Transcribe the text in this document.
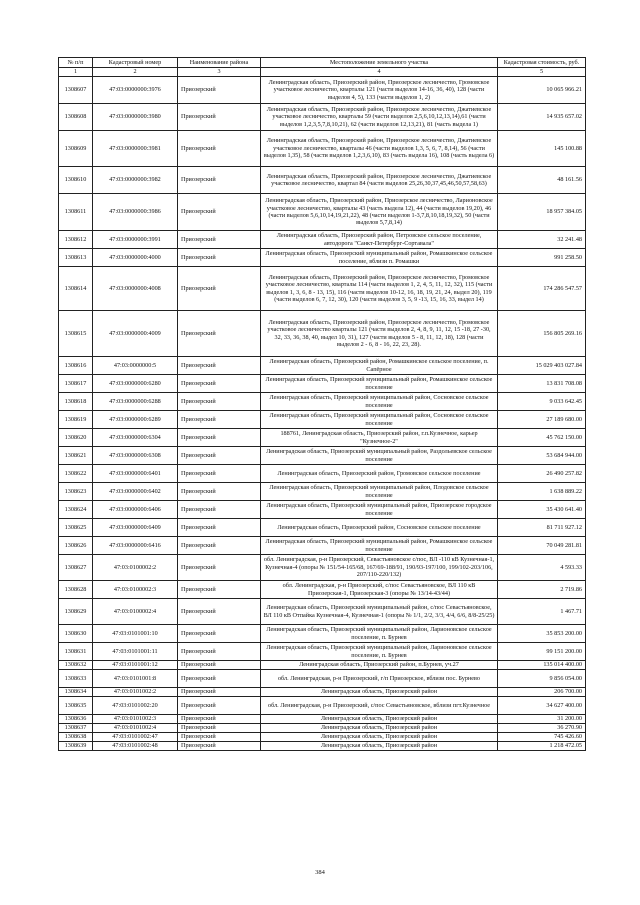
№ п/п	Кадастровый номер	Наименование района	Местоположение земельного участка	Кадастровая стоимость, руб.
1	2	3	4	5
1308607	47:03:0000000:3976	Приозерский	Ленинградская область, Приозерский район, Приозерское лесничество, Громовское участковое лесничество, кварталы 121 (части выделов 14-16, 36, 40), 128 (части выделов 4, 5), 133 (части выделов 1, 2)	10 065 966.21
1308608	47:03:0000000:3980	Приозерский	Ленинградская область, Приозерский район, Приозерское лесничество, Джатиевское участковое лесничество, кварталы 59 (части выделов 2,5,6,10,12,13,14),61 (части выделов 1,2,3,5,7,8,10,21), 62 (части выделов 12,13,21), 81 (часть выдела 1)	14 935 657.02
1308609	47:03:0000000:3981	Приозерский	Ленинградская область, Приозерский район, Приозерское лесничество, Джатиевское участковое лесничество, кварталы 46 (части выделов 1,3, 5, 6, 7, 8,14), 56 (части выделов 1,35), 58 (части выделов 1,2,3,6,10), 83 (часть выдела 16), 108 (часть выдела 6)	145 100.88
1308610	47:03:0000000:3982	Приозерский	Ленинградская область, Приозерский район, Приозерское лесничество, Джатиевское участковое лесничество, квартал 84 (части выделов 25,26,30,37,45,46,50,57,58,63)	48 161.56
1308611	47:03:0000000:3986	Приозерский	Ленинградская область, Приозерский район, Приозерское лесничество, Ларионовское участковое лесничество, кварталы 43 (часть выдела 12), 44 (части выделов 19,20), 46 (части выделов 5,6,10,14,19,21,22), 48 (части выделов 1-3,7,8,10,18,19,32), 50 (части выделов 5,7,8,14)	18 957 384.05
1308612	47:03:0000000:3991	Приозерский	Ленинградская область, Приозерский район, Петровское сельское поселение, автодорога "Санкт-Петербург-Сортавала"	32 241.48
1308613	47:03:0000000:4000	Приозерский	Ленинградская область, Приозерский муниципальный район, Ромашкинское сельское поселение, вблизи п. Ромашки	991 258.50
1308614	47:03:0000000:4008	Приозерский	Ленинградская область, Приозерский район, Приозерское лесничество, Громовское участковое лесничество, кварталы 114 (части выделов 1, 2, 4, 5, 11, 12, 32), 115 (части выделов 1, 3, 6, 8 - 13, 15), 116 (части выделов 10-12, 16, 18, 19, 21, 24, выдел 20), 119 (части выделов 6, 7, 12, 30), 120 (части выделов 3, 5, 9 -13, 15, 16, 33, выдел 14)	174 286 547.57
1308615	47:03:0000000:4009	Приозерский	Ленинградская область, Приозерский район, Приозерское лесничество, Громовское участковое лесничество кварталы 121 (части выделов 2, 4, 8, 9, 11, 12, 15 -18, 27 -30, 32, 33, 36, 38, 40, выдел 10, 31), 127 (части выделов 5 - 8, 11, 12, 18), 128 (части выделов 2 - 6, 8 - 16, 22, 23, 28).	156 805 269.16
1308616	47:03:0000000:5	Приозерский	Ленинградская область, Приозерский район, Ромашкинское сельское поселение, п. Сапёрное	15 029 403 027.84
1308617	47:03:0000000:6280	Приозерский	Ленинградская область, Приозерский муниципальный район, Ромашкинское сельское поселение	13 831 708.08
1308618	47:03:0000000:6288	Приозерский	Ленинградская область, Приозерский муниципальный район, Сосновское сельское поселение	9 033 642.45
1308619	47:03:0000000:6289	Приозерский	Ленинградская область, Приозерский муниципальный район, Сосновское сельское поселение	27 189 680.00
1308620	47:03:0000000:6304	Приозерский	188761, Ленинградская область, Приозерский район, г.п.Кузнечное, карьер "Кузнечное-2"	45 762 150.00
1308621	47:03:0000000:6308	Приозерский	Ленинградская область, Приозерский муниципальный район, Раздольевское сельское поселение	53 684 944.00
1308622	47:03:0000000:6401	Приозерский	Ленинградская область, Приозерский район, Громовское сельское поселение	26 490 257.82
1308623	47:03:0000000:6402	Приозерский	Ленинградская область, Приозерский муниципальный район, Плодовское сельское поселение	1 638 889.22
1308624	47:03:0000000:6406	Приозерский	Ленинградская область, Приозерский муниципальный район, Приозерское городское поселение	35 430 641.40
1308625	47:03:0000000:6409	Приозерский	Ленинградская область, Приозерский район, Сосновское сельское поселение	81 711 927.12
1308626	47:03:0000000:6416	Приозерский	Ленинградская область, Приозерский муниципальный район, Ромашкинское сельское поселение	70 049 281.81
1308627	47:03:0100002:2	Приозерский	обл. Ленинградская, р-н Приозерский, Севастьяновское с/пос, ВЛ -110 кВ Кузнечная-1, Кузнечная-4 (опоры № 151/54-165/68, 167/69-188/91, 190/93-197/100, 199/102-203/106, 207/110-220/132)	4 593.33
1308628	47:03:0100002:3	Приозерский	обл. Ленинградская, р-н Приозерский, с/пос Севастьяновское, ВЛ 110 кВ Приозерская-1, Приозерская-3 (опоры № 13/14-43/44)	2 719.86
1308629	47:03:0100002:4	Приозерский	Ленинградская область, Приозерский муниципальный район, с/пос Севастьяновское, ВЛ 110 кВ Отпайка Кузнечная-4, Кузнечная-1 (опоры № 1/1, 2/2, 3/3, 4/4, 6/6, 8/8-25/25)	1 467.71
1308630	47:03:0101001:10	Приозерский	Ленинградская область, Приозерский муниципальный район, Ларионовское сельское поселение, п. Бурнев	35 853 200.00
1308631	47:03:0101001:11	Приозерский	Ленинградская область, Приозерский муниципальный район, Ларионовское сельское поселение, п. Бурнев	99 151 200.00
1308632	47:03:0101001:12	Приозерский	Ленинградская область, Приозерский район, п.Бурнев, уч.27	135 014 400.00
1308633	47:03:0101001:8	Приозерский	обл. Ленинградская, р-н Приозерский, г/п Приозерское, вблизи пос. Бурнево	9 856 054.00
1308634	47:03:0101002:2	Приозерский	Ленинградская область, Приозерский район	206 700.00
1308635	47:03:0101002:20	Приозерский	обл. Ленинградская, р-н Приозерский, с/пос Севастьяновское, вблизи пгт.Кузнечное	34 627 400.00
1308636	47:03:0101002:3	Приозерский	Ленинградская область, Приозерский район	31 200.00
1308637	47:03:0101002:4	Приозерский	Ленинградская область, Приозерский район	36 270.90
1308638	47:03:0101002:47	Приозерский	Ленинградская область, Приозерский район	745 426.60
1308639	47:03:0101002:48	Приозерский	Ленинградская область, Приозерский район	1 218 472.05
384
